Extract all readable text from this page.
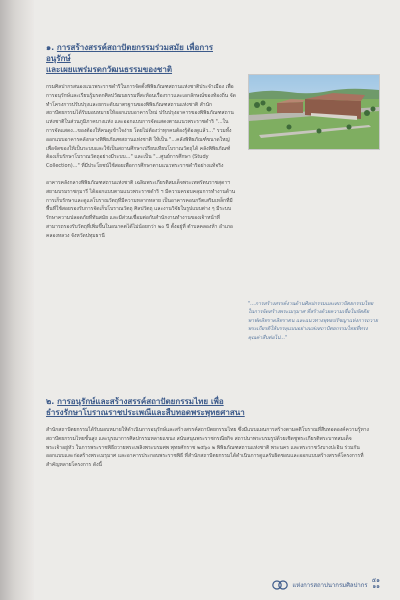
๑. การสร้างสรรค์สถาปัตยกรรมร่วมสมัย เพื่อการอนุรักษ์
และเผยแพร่มรดกวัฒนธรรมของชาติ

กรมศิลปากรสนองแนวพระราชดำริในการจัดตั้งพิพิธภัณฑสถานแห่งชาติประจำเมือง เพื่อการอนุรักษ์และเรียนรู้มรดกศิลปวัฒนธรรมที่สะท้อนเรื่องราวและเอกลักษณ์ของท้องถิ่น จัดทำโครงการปรับปรุงและยกระดับมาตรฐานของพิพิธภัณฑสถานแห่งชาติ สำนักสถาปัตยกรรมได้รับมอบหมายให้ออกแบบอาคารใหม่ ปรับปรุงอาคารของพิพิธภัณฑสถานแห่งชาติในส่วนภูมิภาคบางแห่ง และออกแบบการจัดแสดงตามแนวพระราชดำริ "...ในการจัดแสดง...ของต้องให้คนดูเข้าใจง่าย โดยไม่ต้องว่าทุกคนต้องรู้ต้องดูแล้ว..." รวมทั้งออกแบบอาคารคลังกลางพิพิธภัณฑสถานแห่งชาติ ให้เป็น "...คลังพิพิธภัณฑ์ขนาดใหญ่เพื่อจัดของให้เป็นระบบและใช้เป็นสถานศึกษาเปรียบเทียบโบราณวัตถุได้ คลังพิพิธภัณฑ์ต้องเก็บรักษาโบราณวัตถุอย่างมีระบบ..." และเป็น "...ศูนย์การศึกษา (Study Collection)..." ที่มีประโยชน์ใช้สอยเพื่อการศึกษาตามแนวพระราชดำริอย่างแท้จริง

อาคารคลังกลางพิพิธภัณฑสถานแห่งชาติ เฉลิมพระเกียรติสมเด็จพระเทพรัตนราชสุดาฯ สยามบรมราชกุมารี ได้ออกแบบตามแนวพระราชดำริ ฯ มีความครอบคลุมการทำงานด้านการเก็บรักษาและดูแลโบราณวัตถุที่มีความหลากหลาย เป็นอาคารคอนกรีตเสริมเหล็กที่มีพื้นที่ใช้สอยรองรับการจัดเก็บโบราณวัตถุ ศิลปวัตถุ และงานวิจัยในรูปแบบต่าง ๆ มีระบบรักษาความปลอดภัยที่ทันสมัย และมีส่วนเชื่อมต่อกับสำนักงานทำงานของเจ้าหน้าที่ สามารถรองรับวัตถุที่เพิ่มขึ้นในอนาคตได้ไม่น้อยกว่า ๒๐ ปี ตั้งอยู่ที่ ตำบลคลองห้า อำเภอคลองหลวง จังหวัดปทุมธานี

"...การสร้างสรรค์งานด้านศิลปกรรมและสถาปัตยกรรมไทยในการจัดสร้างพระเมรุมาศ ที่สร้างด้วยความเชื่อในขัตติยพาฬดลิทราดลิทราตน และแนวทางพุทธปรัชญาแห่งการถวายพระเกียรติให้บรรลุแบบอย่างแห่งสถาปัตยกรรมไทยที่ทรงคุณค่าสืบต่อไป..."
๒. การอนุรักษ์และสร้างสรรค์สถาปัตยกรรมไทย เพื่อ
ธำรงรักษาโบราณราชประเพณีและสืบทอดพระพุทธศาสนา

สำนักสถาปัตยกรรมได้รับมอบหมายให้ดำเนินการอนุรักษ์และสร้างสรรค์สถาปัตยกรรมไทย ซึ่งมีแบบแผนการสร้างตามคติโบราณที่สืบทอดองค์ความรู้ทางสถาปัตยกรรมไทยชั้นสูง และบูรณาการศิลปกรรมหลายแขนง สนับสนุนพระราชกรณียกิจ สถาปนาพระบรมรูปด้วยเชิดชูพระเกียรติพระบาทสมเด็จพระเจ้าอยู่หัว ในการพระราชพิธีถวายพระเพลิงพระบรมศพ พุทธศักราช ๒๕๖๐ ๒ พิพิธภัณฑสถานแห่งชาติ พระนคร และพระราชวังบางปะอิน ร่วมกันออกแบบและก่อสร้างพระเมรุมาศ และอาคารประกอบพระราชพิธี ที่สำนักสถาปัตยกรรมได้ดำเนินการดูแลรับผิดชอบและออกแบบสร้างสรรค์โครงการที่สำคัญหลายโครงการ ดังนี้

แห่งการสถาปนากรมศิลปากร
๕๑
๑๑
